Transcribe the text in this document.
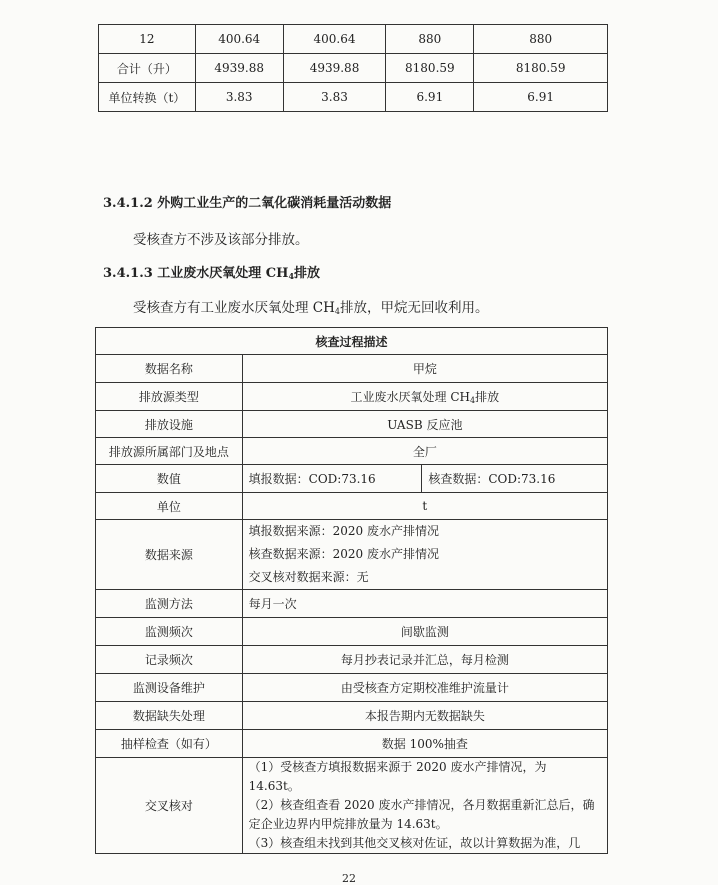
12	400.64	400.64	880	880
合计（升）	4939.88	4939.88	8180.59	8180.59
单位转换（t）	3.83	3.83	6.91	6.91
3.4.1.2 外购工业生产的二氧化碳消耗量活动数据
受核查方不涉及该部分排放。
3.4.1.3 工业废水厌氧处理 $CH_4$排放
受核查方有工业废水厌氧处理 $CH_4$排放，甲烷无回收利用。
核查过程描述		
数据名称	甲烷	
排放源类型	工业废水厌氧处理 $CH_4$排放	
排放设施	UASB 反应池	
排放源所属部门及地点	全厂	
数值	填报数据：COD:73.16	核查数据：COD:73.16
单位	t	
数据来源	填报数据来源：2020 废水产排情况
核查数据来源：2020 废水产排情况
交叉核对数据来源：无	

监测方法	每月一次	
监测频次	间歇监测	
记录频次	每月抄表记录并汇总，每月检测	
监测设备维护	由受核查方定期校准维护流量计	
数据缺失处理	本报告期内无数据缺失	
抽样检查（如有）	数据 100%抽查	
交叉核对	（1）受核查方填报数据来源于 2020 废水产排情况，为 14.63t。
（2）核查组查看 2020 废水产排情况，各月数据重新汇总后，确
定企业边界内甲烷排放量为 14.63t。
（3）核查组未找到其他交叉核对佐证，故以计算数据为准，几	
22
